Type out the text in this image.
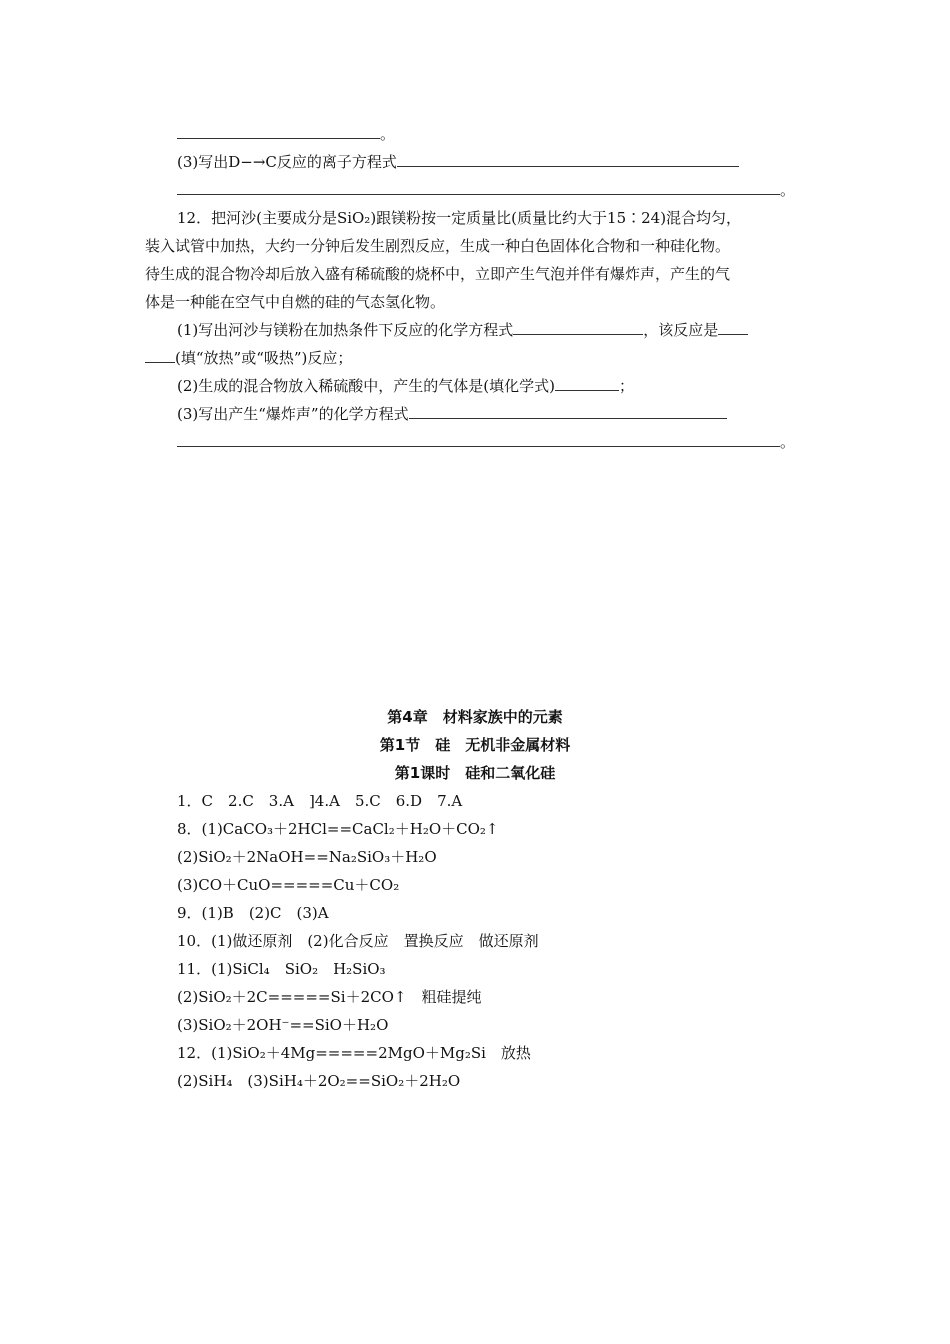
。
(3)写出D−→C反应的离子方程式
。
12．把河沙(主要成分是SiO₂)跟镁粉按一定质量比(质量比约大于15∶24)混合均匀，
装入试管中加热，大约一分钟后发生剧烈反应，生成一种白色固体化合物和一种硅化物。
待生成的混合物冷却后放入盛有稀硫酸的烧杯中，立即产生气泡并伴有爆炸声，产生的气
体是一种能在空气中自燃的硅的气态氢化物。
(1)写出河沙与镁粉在加热条件下反应的化学方程式	，该反应是
(填“放热”或“吸热”)反应；
(2)生成的混合物放入稀硫酸中，产生的气体是(填化学式)	；
(3)写出产生“爆炸声”的化学方程式
。
第4章　材料家族中的元素
第1节　硅　无机非金属材料
第1课时　硅和二氧化硅
1．C　2.C　3.A　]4.A　5.C　6.D　7.A
8．(1)CaCO₃＋2HCl==CaCl₂＋H₂O＋CO₂↑
(2)SiO₂＋2NaOH==Na₂SiO₃＋H₂O
(3)CO＋CuO=====Cu＋CO₂
9．(1)B　(2)C　(3)A
10．(1)做还原剂　(2)化合反应　置换反应　做还原剂
11．(1)SiCl₄　SiO₂　H₂SiO₃
(2)SiO₂＋2C=====Si＋2CO↑　粗硅提纯
(3)SiO₂＋2OH⁻==SiO＋H₂O
12．(1)SiO₂＋4Mg=====2MgO＋Mg₂Si　放热
(2)SiH₄　(3)SiH₄＋2O₂==SiO₂＋2H₂O
